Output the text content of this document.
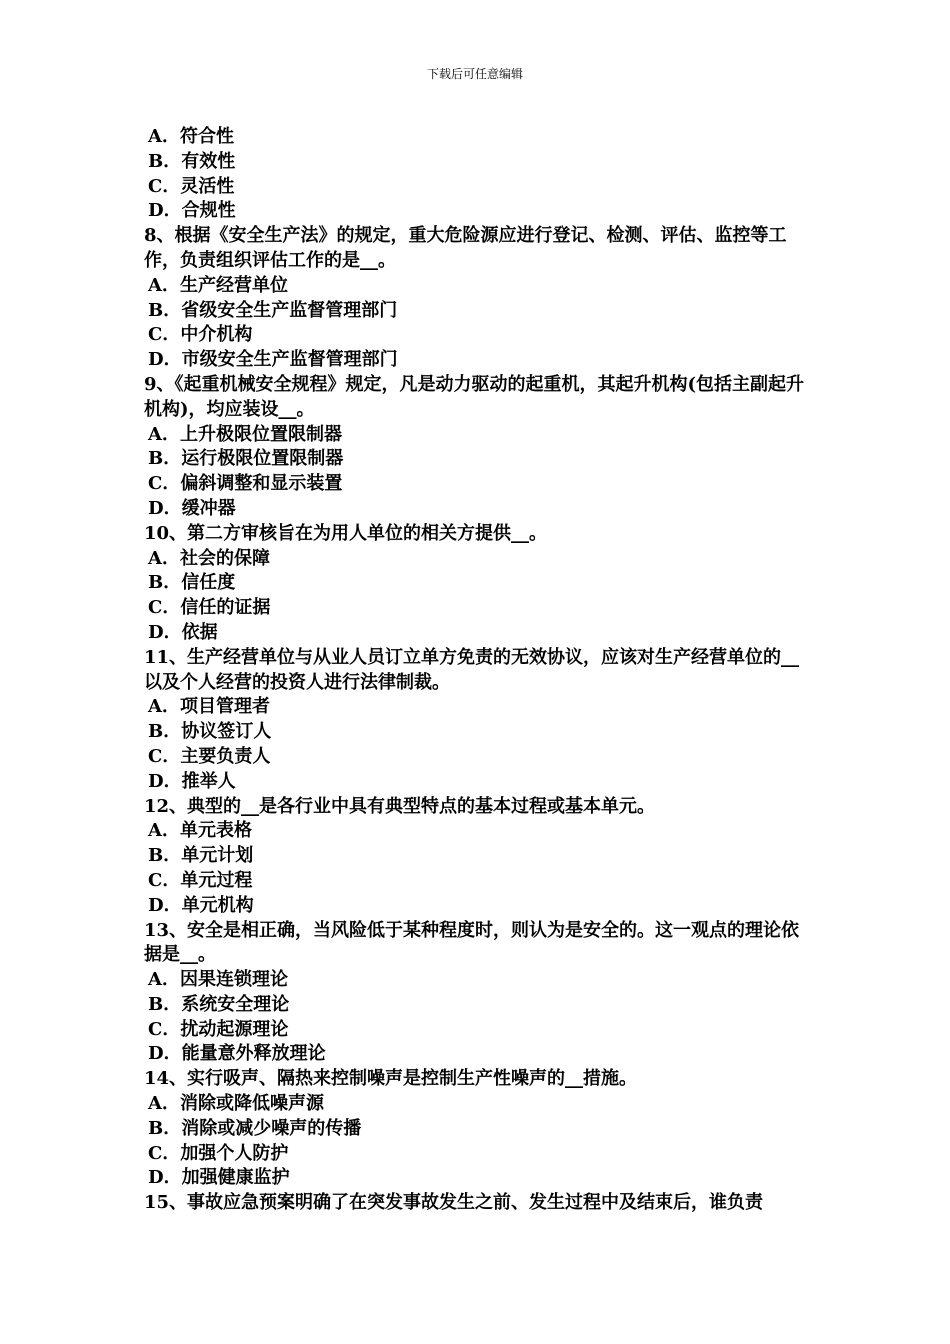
下载后可任意编辑
A．符合性
B．有效性
C．灵活性
D．合规性
8、根据《安全生产法》的规定，重大危险源应进行登记、检测、评估、监控等工作，负责组织评估工作的是__。
A．生产经营单位
B．省级安全生产监督管理部门
C．中介机构
D．市级安全生产监督管理部门
9、《起重机械安全规程》规定，凡是动力驱动的起重机，其起升机构(包括主副起升机构)，均应装设__。
A．上升极限位置限制器
B．运行极限位置限制器
C．偏斜调整和显示装置
D．缓冲器
10、第二方审核旨在为用人单位的相关方提供__。
A．社会的保障
B．信任度
C．信任的证据
D．依据
11、生产经营单位与从业人员订立单方免责的无效协议，应该对生产经营单位的__以及个人经营的投资人进行法律制裁。
A．项目管理者
B．协议签订人
C．主要负责人
D．推举人
12、典型的__是各行业中具有典型特点的基本过程或基本单元。
A．单元表格
B．单元计划
C．单元过程
D．单元机构
13、安全是相正确，当风险低于某种程度时，则认为是安全的。这一观点的理论依据是__。
A．因果连锁理论
B．系统安全理论
C．扰动起源理论
D．能量意外释放理论
14、实行吸声、隔热来控制噪声是控制生产性噪声的__措施。
A．消除或降低噪声源
B．消除或减少噪声的传播
C．加强个人防护
D．加强健康监护
15、事故应急预案明确了在突发事故发生之前、发生过程中及结束后，谁负责
